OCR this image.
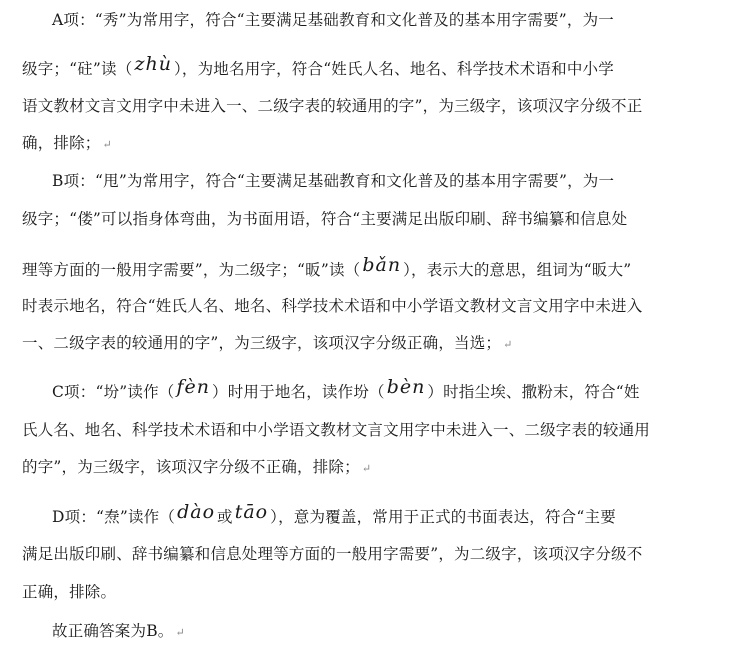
A项：“秀”为常用字，符合“主要满足基础教育和文化普及的基本用字需要”，为一
级字；“砫”读（ zhù ），为地名用字，符合“姓氏人名、地名、科学技术术语和中小学
语文教材文言文用字中未进入一、二级字表的较通用的字”，为三级字，该项汉字分级不正
确，排除； ↵
B项：“甩”为常用字，符合“主要满足基础教育和文化普及的基本用字需要”，为一
级字；“偻”可以指身体弯曲，为书面用语，符合“主要满足出版印刷、辞书编纂和信息处
理等方面的一般用字需要”，为二级字；“昄”读（ bǎn ），表示大的意思，组词为“昄大”
时表示地名，符合“姓氏人名、地名、科学技术术语和中小学语文教材文言文用字中未进入
一、二级字表的较通用的字”，为三级字，该项汉字分级正确，当选； ↵
C项：“坋”读作（ fèn ）时用于地名，读作坋（ bèn ）时指尘埃、撒粉末，符合“姓
氏人名、地名、科学技术术语和中小学语文教材文言文用字中未进入一、二级字表的较通用
的字”，为三级字，该项汉字分级不正确，排除； ↵
D项：“焘”读作（ dào 或 tāo ），意为覆盖，常用于正式的书面表达，符合“主要
满足出版印刷、辞书编纂和信息处理等方面的一般用字需要”，为二级字，该项汉字分级不
正确，排除。
故正确答案为B。 ↵
